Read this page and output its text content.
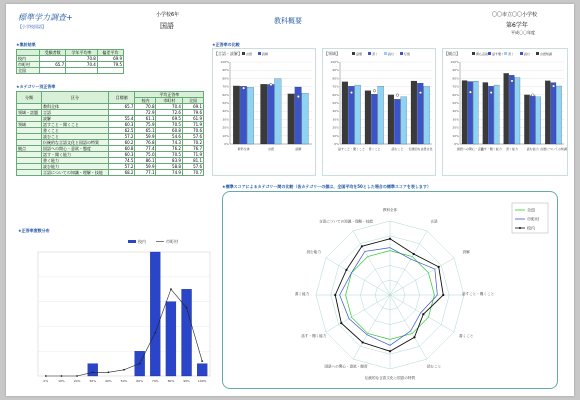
標準学力調査+
【小学校国語】
小学校6年
国語
教科概要
〇〇市立〇〇小学校
第6学年
平成〇〇年度
★集計結果
	受験者数	学年平均率	偏差平均
校内		70.8	69.9
市町村	65.7	70.4	79.5
全国			
★カテゴリー別正答率
分類	区分	目標値	平均正答率		
			校内	市町村	全国
	教科全体	65.7	70.8	70.4	69.1
領域・話題	言語		72.9	72.6	79.6
	読解	55.4	61.1	69.5	61.9
領域	話すこと・聞くこと	60.3	75.9	70.5	71.9
	書くこと	62.5	65.1	60.8	70.6
	読むこと	57.2	59.9	54.6	57.6
	伝統的な言語文化と国語の特質	60.2	76.8	74.3	70.2
観点	国語への関心・意欲・態度	60.8	77.4	76.2	76.7
	話す・聞く能力	60.3	75.0	70.5	71.9
	書く能力	74.5	86.1	83.9	81.1
	読む能力	57.2	59.9	58.8	57.6
	言語についての知識・理解・技能	68.2	77.1	74.9	70.7
★正答率の比較
【言語・読解】 言語	読解
100%
90%
80%
70%
60%
50%
40%
30%
20%
10%
0%
教科全体	言語	読解
【領域】	話聞	書く	読む	伝統
100%
90%
80%
70%
60%
50%
40%
30%
20%
10%
0%
話すこと・聞くこと 書くこと	読むこと 伝統的な言語文化
【観点】	関心意欲 話す聞く 書く	読む	言語知識
100%
90%
80%
70%
60%
50%
40%
30%
20%
10%
0%
国語への関心・意欲
話す・聞く能力 書く能力	読む能力 言語についての知識
★正答率度数分布
校内	市町村
0%	10%	20%	30%	40%	50%	60%	70%	80%	90%	100%
★標準スコアによるカテゴリー間の比較（各カテゴリーの値は、全国平均を50とした場合の標準スコアを表します）
教科全体
言語
読解
話すこと・聞くこと
書くこと
読むこと
伝統的な言語文化と国語の特質
国語への関心・意欲・態度
話す・聞く能力
書く能力
読む能力
言語についての知識・理解・技能
全国
市町村
校内
